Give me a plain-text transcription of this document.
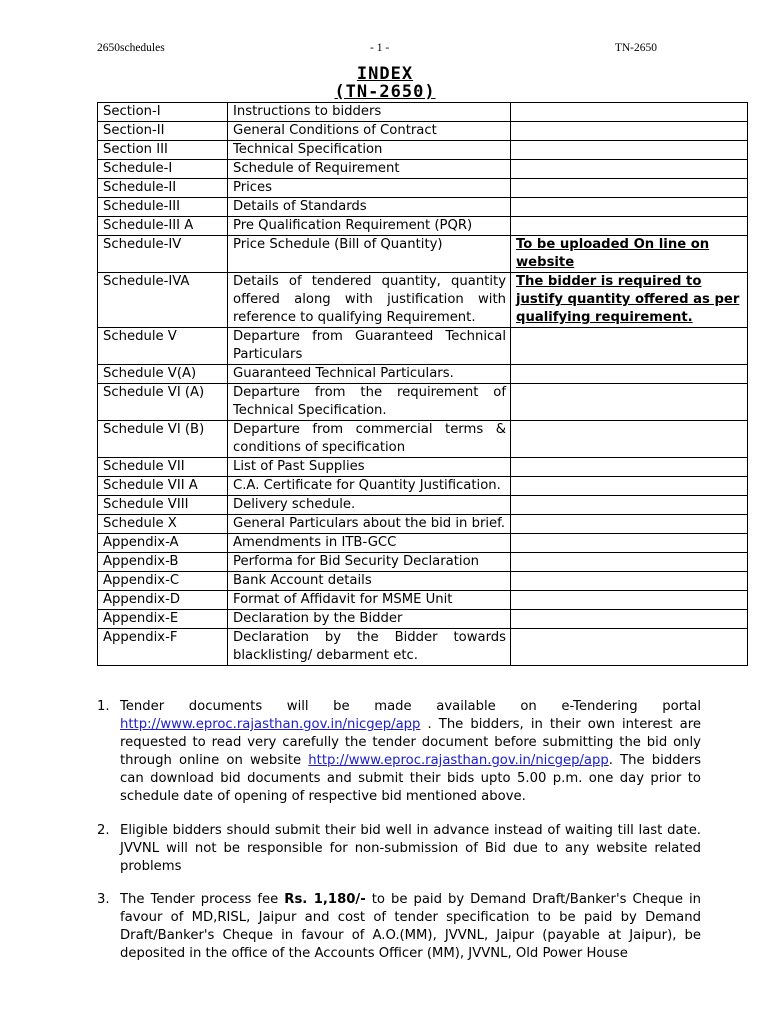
2650schedules	- 1 -	TN-2650
INDEX
(TN-2650)
Section-I	Instructions to bidders	
Section-II	General Conditions of Contract	
Section III	Technical Specification	
Schedule-I	Schedule of Requirement	
Schedule-II	Prices	
Schedule-III	Details of Standards	
Schedule-III A	Pre Qualification Requirement (PQR)	
Schedule-IV	Price Schedule (Bill of Quantity)	To be uploaded On line on website
Schedule-IVA	Details of tendered quantity, quantity offered along with justification with reference to qualifying Requirement.	The bidder is required to justify quantity offered as per qualifying requirement.
Schedule V	Departure from Guaranteed Technical Particulars	
Schedule V(A)	Guaranteed Technical Particulars.	
Schedule VI (A)	Departure from the requirement of Technical Specification.	
Schedule VI (B)	Departure from commercial terms & conditions of specification	
Schedule VII	List of Past Supplies	
Schedule VII A	C.A. Certificate for Quantity Justification.	
Schedule VIII	Delivery schedule.	
Schedule X	General Particulars about the bid in brief.	
Appendix-A	Amendments in ITB-GCC	
Appendix-B	Performa for Bid Security Declaration	
Appendix-C	Bank Account details	
Appendix-D	Format of Affidavit for MSME Unit	
Appendix-E	Declaration by the Bidder	
Appendix-F	Declaration by the Bidder towards blacklisting/ debarment etc.	
1. Tender documents will be made available on e-Tendering portal
http://www.eproc.rajasthan.gov.in/nicgep/app . The bidders, in their own interest are requested to read very carefully the tender document before submitting the bid only through online on website http://www.eproc.rajasthan.gov.in/nicgep/app. The bidders can download bid documents and submit their bids upto 5.00 p.m. one day prior to schedule date of opening of respective bid mentioned above.
2. Eligible bidders should submit their bid well in advance instead of waiting till last date. JVVNL will not be responsible for non-submission of Bid due to any website related problems
3. The Tender process fee Rs. 1,180/- to be paid by Demand Draft/Banker's Cheque in favour of MD,RISL, Jaipur and cost of tender specification to be paid by Demand Draft/Banker's Cheque in favour of A.O.(MM), JVVNL, Jaipur (payable at Jaipur), be deposited in the office of the Accounts Officer (MM), JVVNL, Old Power House
